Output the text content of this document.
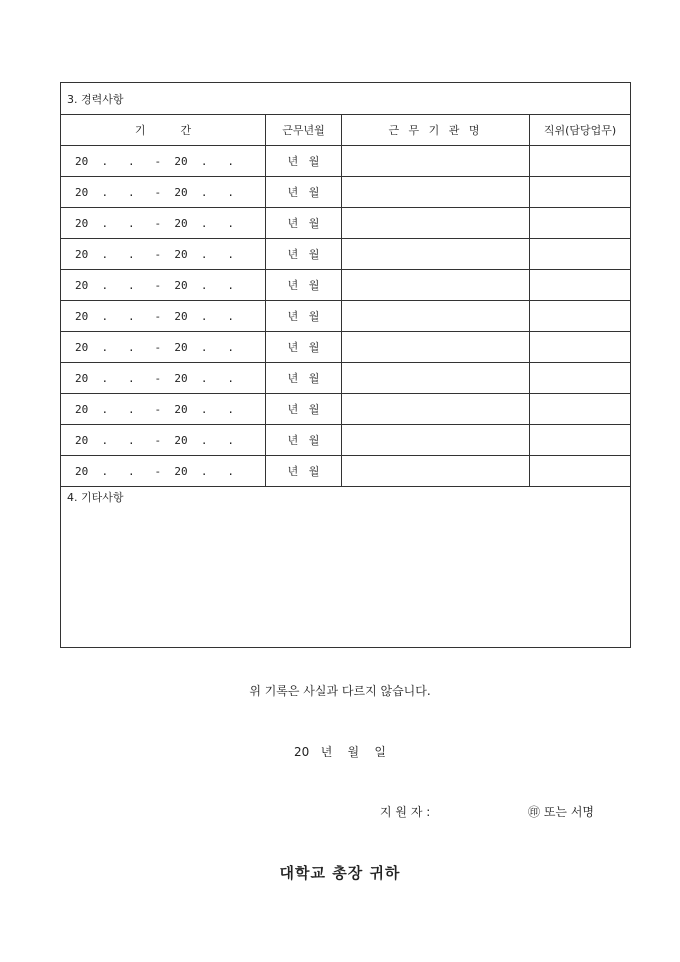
3. 경력사항			
기          간	근무년월	근 무 기 관 명	직위(담당업무)
20  .   .   -  20  .   .	년   월		
20  .   .   -  20  .   .	년   월		
20  .   .   -  20  .   .	년   월		
20  .   .   -  20  .   .	년   월		
20  .   .   -  20  .   .	년   월		
20  .   .   -  20  .   .	년   월		
20  .   .   -  20  .   .	년   월		
20  .   .   -  20  .   .	년   월		
20  .   .   -  20  .   .	년   월		
20  .   .   -  20  .   .	년   월		
20  .   .   -  20  .   .	년   월		
4. 기타사항			
위 기록은 사실과 다르지 않습니다.
20   년    월    일
지 원 자 :	㊞ 또는 서명
대학교 총장 귀하
